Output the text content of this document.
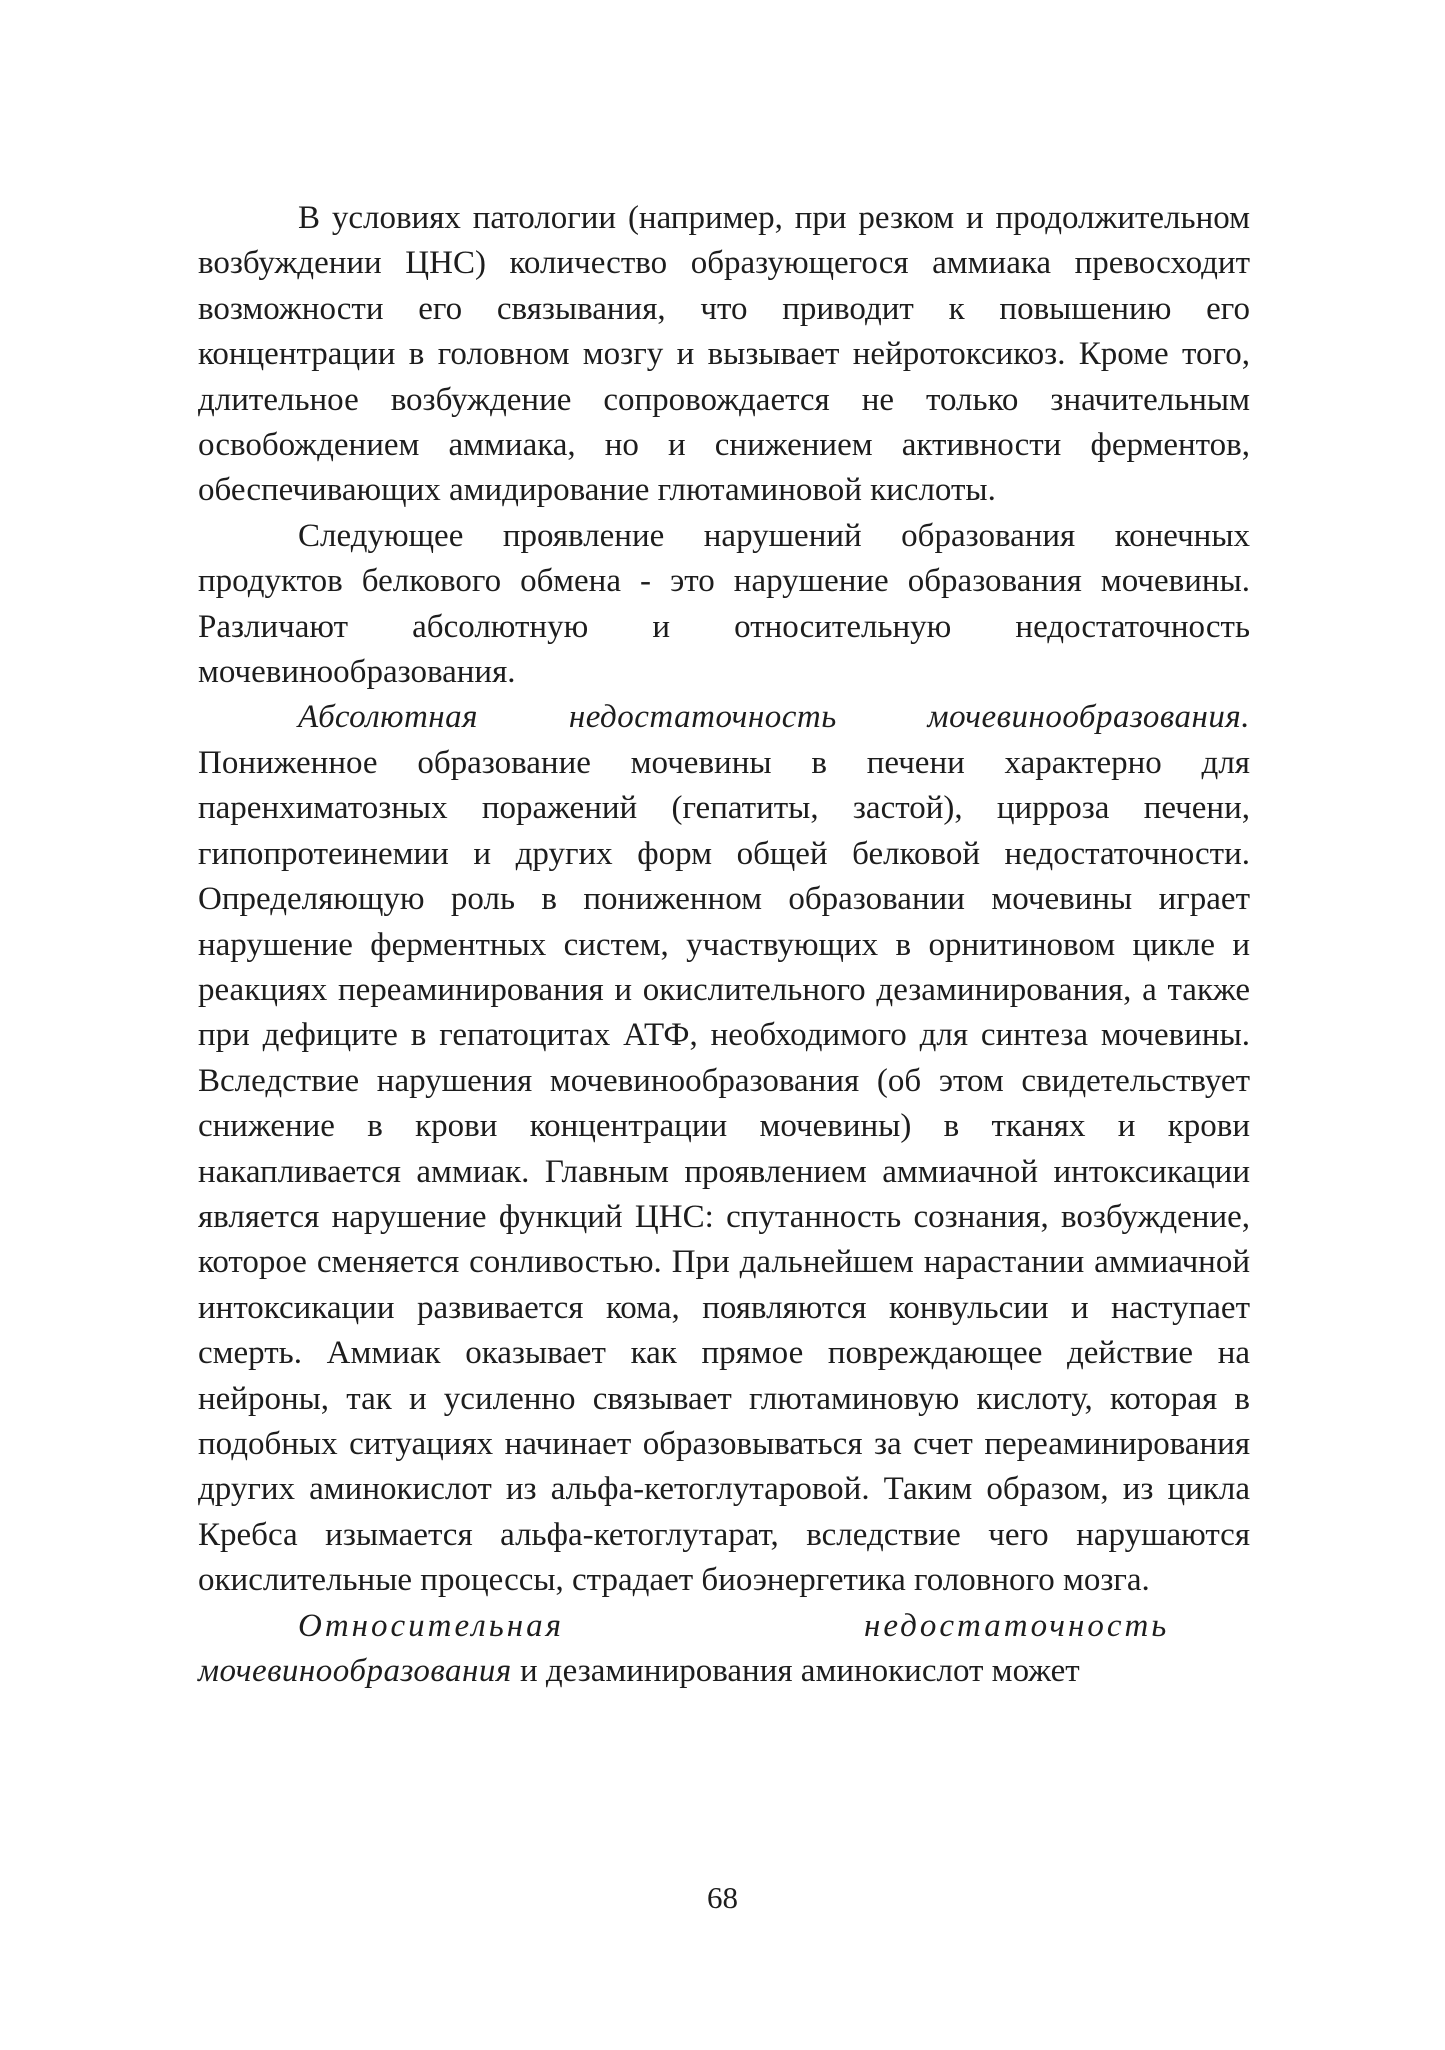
В условиях патологии (например, при резком и продолжительном возбуждении ЦНС) количество образующегося аммиака превосходит возможности его связывания, что приводит к повышению его концентрации в головном мозгу и вызывает нейротоксикоз. Кроме того, длительное возбуждение сопровождается не только значительным освобождением аммиака, но и снижением активности ферментов, обеспечивающих амидирование глютаминовой кислоты.

Следующее проявление нарушений образования конечных продуктов белкового обмена - это нарушение образования мочевины. Различают абсолютную и относительную недостаточность мочевинообразования.

Абсолютная недостаточность мочевинообразования. Пониженное образование мочевины в печени характерно для паренхиматозных поражений (гепатиты, застой), цирроза печени, гипопротеинемии и других форм общей белковой недостаточности. Определяющую роль в пониженном образовании мочевины играет нарушение ферментных систем, участвующих в орнитиновом цикле и реакциях переаминирования и окислительного дезаминирования, а также при дефиците в гепатоцитах АТФ, необходимого для синтеза мочевины. Вследствие нарушения мочевинообразования (об этом свидетельствует снижение в крови концентрации мочевины) в тканях и крови накапливается аммиак. Главным проявлением аммиачной интоксикации является нарушение функций ЦНС: спутанность сознания, возбуждение, которое сменяется сонливостью. При дальнейшем нарастании аммиачной интоксикации развивается кома, появляются конвульсии и наступает смерть. Аммиак оказывает как прямое повреждающее действие на нейроны, так и усиленно связывает глютаминовую кислоту, которая в подобных ситуациях начинает образовываться за счет переаминирования других аминокислот из альфа-кетоглутаровой. Таким образом, из цикла Кребса изымается альфа-кетоглутарат, вследствие чего нарушаются окислительные процессы, страдает биоэнергетика головного мозга.

Относительная	недостаточность мочевинообразования и дезаминирования аминокислот может

68
